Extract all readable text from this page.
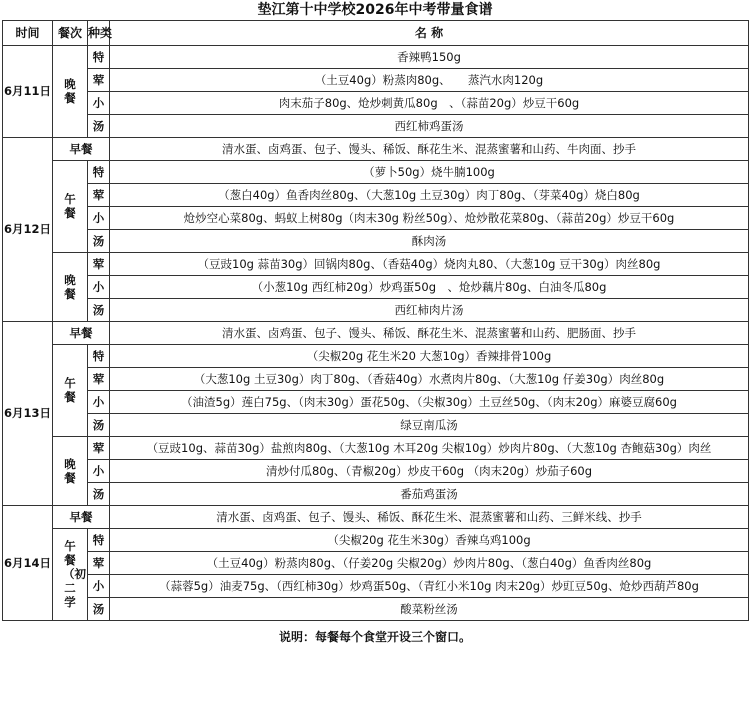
垫江第十中学校2026年中考带量食谱
时间	餐次	种类	名 称
6月11日	晚餐	特	香辣鸭150g
		荤	（土豆40g）粉蒸肉80g、　　蒸汽水肉120g
		小	肉末茄子80g、炝炒刺黄瓜80g　、（蒜苗20g）炒豆干60g
		汤	西红柿鸡蛋汤
6月12日	早餐		清水蛋、卤鸡蛋、包子、馒头、稀饭、酥花生米、混蒸蜜薯和山药、牛肉面、抄手
	午餐	特	（萝卜50g）烧牛腩100g
		荤	（葱白40g）鱼香肉丝80g、（大葱10g 土豆30g）肉丁80g、（芽菜40g）烧白80g
		小	炝炒空心菜80g、蚂蚁上树80g（肉末30g 粉丝50g）、炝炒散花菜80g、（蒜苗20g）炒豆干60g
		汤	酥肉汤
	晚餐	荤	（豆豉10g 蒜苗30g）回锅肉80g、（香菇40g）烧肉丸80、（大葱10g 豆干30g）肉丝80g
		小	（小葱10g 西红柿20g）炒鸡蛋50g　、炝炒藕片80g、白油冬瓜80g
		汤	西红柿肉片汤
6月13日	早餐		清水蛋、卤鸡蛋、包子、馒头、稀饭、酥花生米、混蒸蜜薯和山药、肥肠面、抄手
	午餐	特	（尖椒20g 花生米20 大葱10g）香辣排骨100g
		荤	（大葱10g 土豆30g）肉丁80g、（香菇40g）水煮肉片80g、（大葱10g 仔姜30g）肉丝80g
		小	（油渣5g）莲白75g、（肉末30g）蛋花50g、（尖椒30g）土豆丝50g、（肉末20g）麻婆豆腐60g
		汤	绿豆南瓜汤
	晚餐	荤	（豆豉10g、蒜苗30g）盐煎肉80g、（大葱10g 木耳20g 尖椒10g）炒肉片80g、（大葱10g 杏鲍菇30g）肉丝
		小	清炒付瓜80g、（青椒20g）炒皮干60g （肉末20g）炒茄子60g
		汤	番茄鸡蛋汤
6月14日	早餐		清水蛋、卤鸡蛋、包子、馒头、稀饭、酥花生米、混蒸蜜薯和山药、三鲜米线、抄手
	午餐（初二学	特	（尖椒20g 花生米30g）香辣乌鸡100g
		荤	（土豆40g）粉蒸肉80g、（仔姜20g 尖椒20g）炒肉片80g、（葱白40g）鱼香肉丝80g
		小	（蒜蓉5g）油麦75g、（西红柿30g）炒鸡蛋50g、（青红小米10g 肉末20g）炒豇豆50g、炝炒西葫芦80g
		汤	酸菜粉丝汤
说明：每餐每个食堂开设三个窗口。
